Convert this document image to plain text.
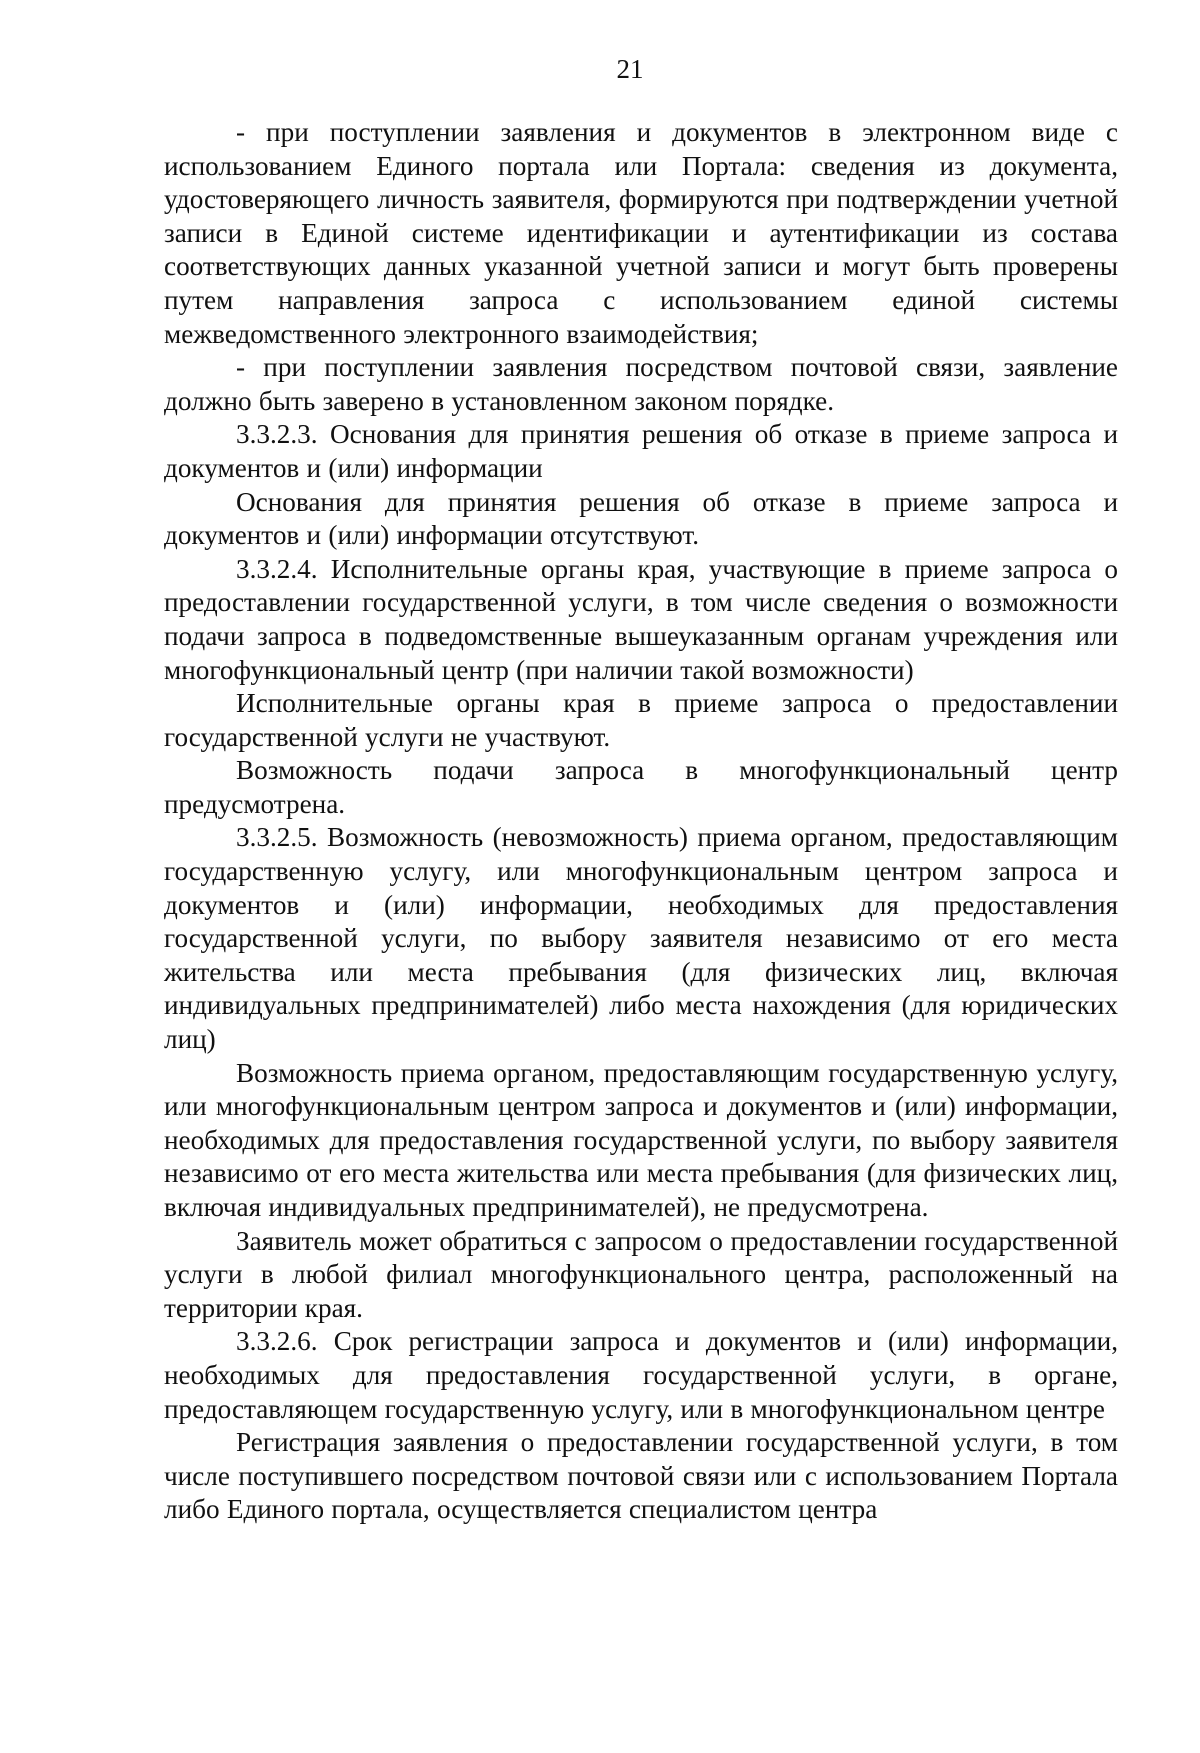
21

- при поступлении заявления и документов в электронном виде с использованием Единого портала или Портала: сведения из документа, удостоверяющего личность заявителя, формируются при подтверждении учетной записи в Единой системе идентификации и аутентификации из состава соответствующих данных указанной учетной записи и могут быть проверены путем направления запроса с использованием единой системы межведомственного электронного взаимодействия;

- при поступлении заявления посредством почтовой связи, заявление должно быть заверено в установленном законом порядке.

3.3.2.3. Основания для принятия решения об отказе в приеме запроса и документов и (или) информации

Основания для принятия решения об отказе в приеме запроса и документов и (или) информации отсутствуют.

3.3.2.4. Исполнительные органы края, участвующие в приеме запроса о предоставлении государственной услуги, в том числе сведения о возможности подачи запроса в подведомственные вышеуказанным органам учреждения или многофункциональный центр (при наличии такой возможности)

Исполнительные органы края в приеме запроса о предоставлении государственной услуги не участвуют.

Возможность подачи запроса в многофункциональный центр предусмотрена.

3.3.2.5. Возможность (невозможность) приема органом, предоставляющим государственную услугу, или многофункциональным центром запроса и документов и (или) информации, необходимых для предоставления государственной услуги, по выбору заявителя независимо от его места жительства или места пребывания (для физических лиц, включая индивидуальных предпринимателей) либо места нахождения (для юридических лиц)

Возможность приема органом, предоставляющим государственную услугу, или многофункциональным центром запроса и документов и (или) информации, необходимых для предоставления государственной услуги, по выбору заявителя независимо от его места жительства или места пребывания (для физических лиц, включая индивидуальных предпринимателей), не предусмотрена.

Заявитель может обратиться с запросом о предоставлении государственной услуги в любой филиал многофункционального центра, расположенный на территории края.

3.3.2.6. Срок регистрации запроса и документов и (или) информации, необходимых для предоставления государственной услуги, в органе, предоставляющем государственную услугу, или в многофункциональном центре

Регистрация заявления о предоставлении государственной услуги, в том числе поступившего посредством почтовой связи или с использованием Портала либо Единого портала, осуществляется специалистом центра
